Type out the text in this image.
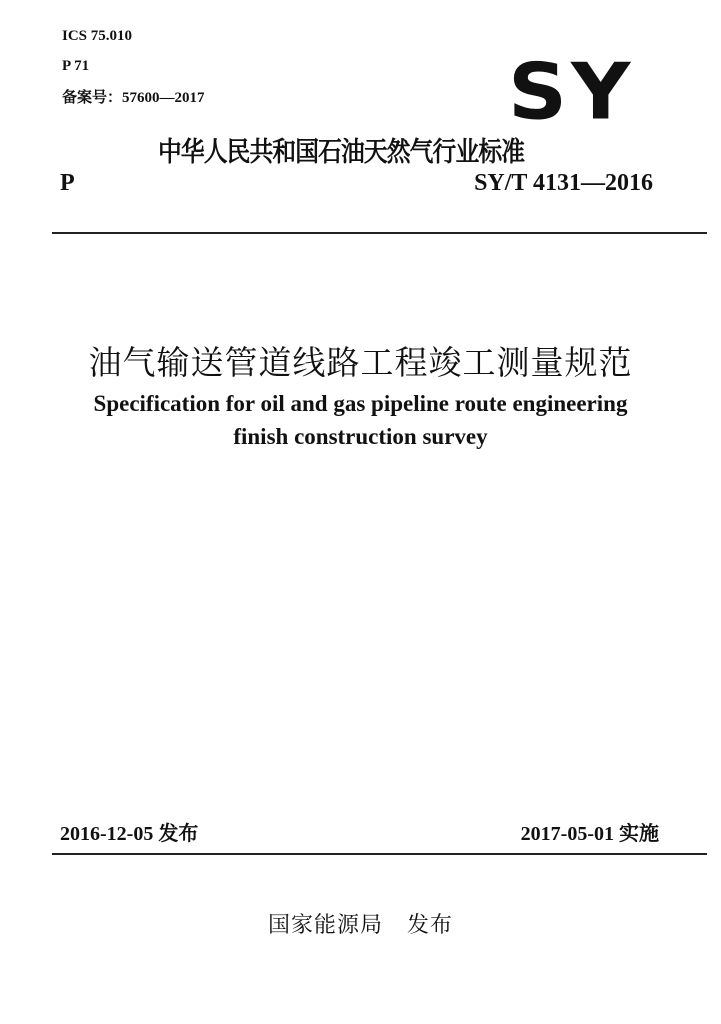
ICS 75.010
P 71
备案号：57600—2017	SY
中华人民共和国石油天然气行业标准
P	SY/T 4131—2016
油气输送管道线路工程竣工测量规范
Specification for oil and gas pipeline route engineering
finish construction survey
2016-12-05 发布	2017-05-01 实施
国家能源局 发布
